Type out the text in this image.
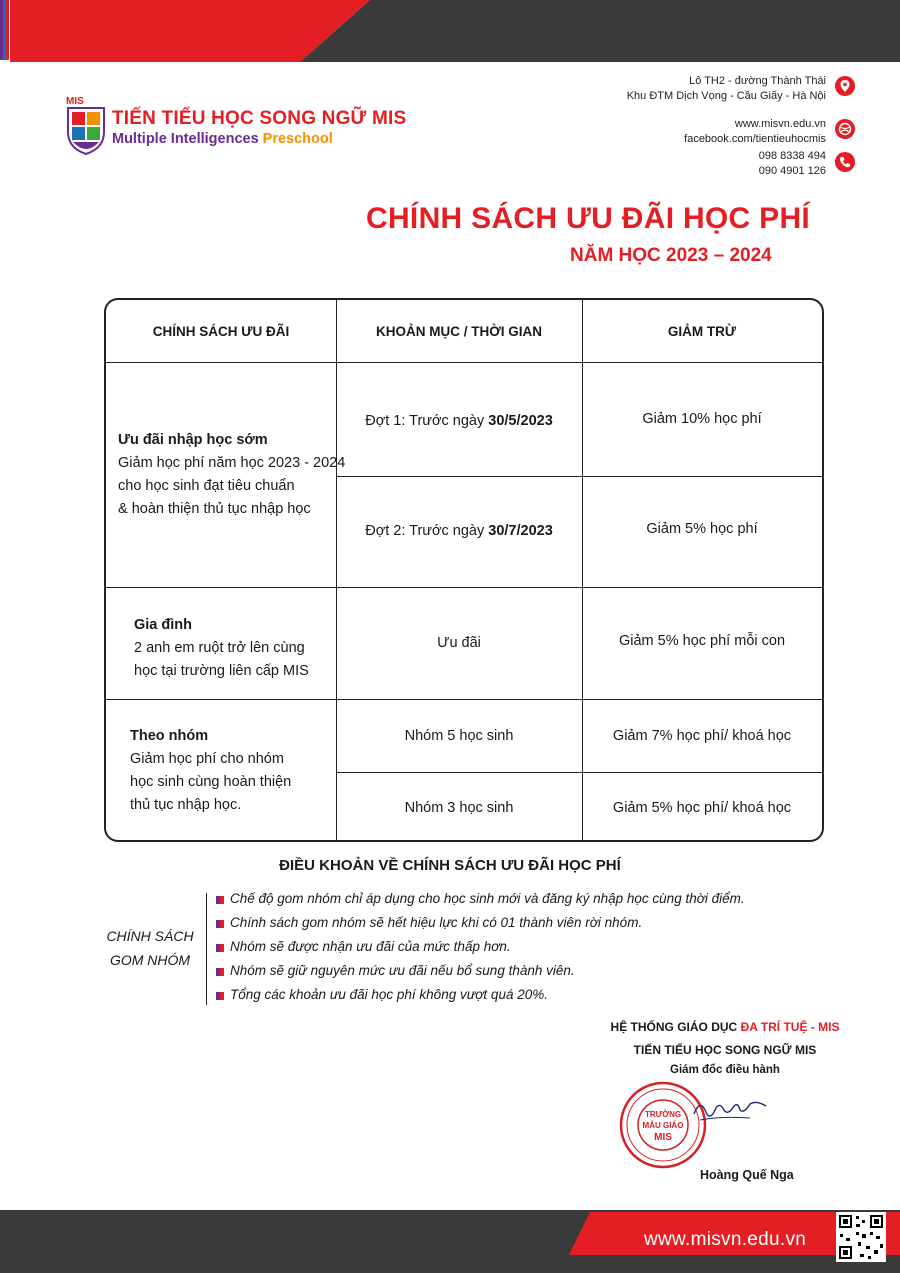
MIS
TIẾN TIỂU HỌC SONG NGỮ MIS
Multiple Intelligences Preschool
Lô TH2 - đường Thành Thái
Khu ĐTM Dịch Vọng - Cầu Giấy - Hà Nội
www.misvn.edu.vn
facebook.com/tientieuhocmis
098 8338 494
090 4901 126
CHÍNH SÁCH ƯU ĐÃI HỌC PHÍ
NĂM HỌC 2023 – 2024
CHÍNH SÁCH ƯU ĐÃI	KHOẢN MỤC / THỜI GIAN	GIẢM TRỪ
Ưu đãi nhập học sớm
Giảm học phí năm học 2023 - 2024
cho học sinh đạt tiêu chuẩn
& hoàn thiện thủ tục nhập học
Đợt 1: Trước ngày 30/5/2023	Giảm 10% học phí
Đợt 2: Trước ngày 30/7/2023	Giảm 5% học phí
Gia đình
2 anh em ruột trở lên cùng
học tại trường liên cấp MIS
Ưu đãi	Giảm 5% học phí mỗi con
Theo nhóm
Giảm học phí cho nhóm
học sinh cùng hoàn thiện
thủ tục nhập học.
Nhóm 5 học sinh	Giảm 7% học phí/ khoá học
Nhóm 3 học sinh	Giảm 5% học phí/ khoá học
ĐIỀU KHOẢN VỀ CHÍNH SÁCH ƯU ĐÃI HỌC PHÍ
CHÍNH SÁCH
GOM NHÓM
Chế độ gom nhóm chỉ áp dụng cho học sinh mới và đăng ký nhập học cùng thời điểm.
Chính sách gom nhóm sẽ hết hiệu lực khi có 01 thành viên rời nhóm.
Nhóm sẽ được nhận ưu đãi của mức thấp hơn.
Nhóm sẽ giữ nguyên mức ưu đãi nếu bổ sung thành viên.
Tổng các khoản ưu đãi học phí không vượt quá 20%.
HỆ THỐNG GIÁO DỤC ĐA TRÍ TUỆ - MIS
TIẾN TIỂU HỌC SONG NGỮ MIS
Giám đốc điều hành
TRƯỜNG
MẪU GIÁO
MIS
Hoàng Quế Nga
www.misvn.edu.vn
